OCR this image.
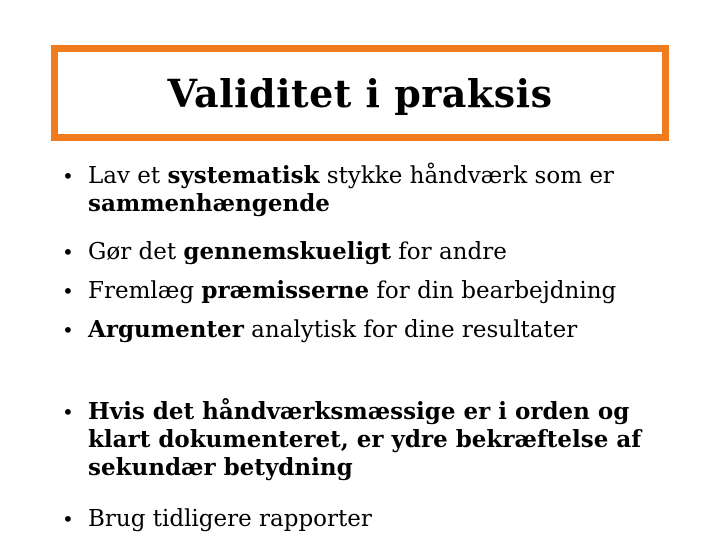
Validitet i praksis
• Lav et systematisk stykke håndværk som er sammenhængende
• Gør det gennemskueligt for andre
• Fremlæg præmisserne for din bearbejdning
• Argumenter analytisk for dine resultater
• Hvis det håndværksmæssige er i orden og klart dokumenteret, er ydre bekræftelse af sekundær betydning
• Brug tidligere rapporter
